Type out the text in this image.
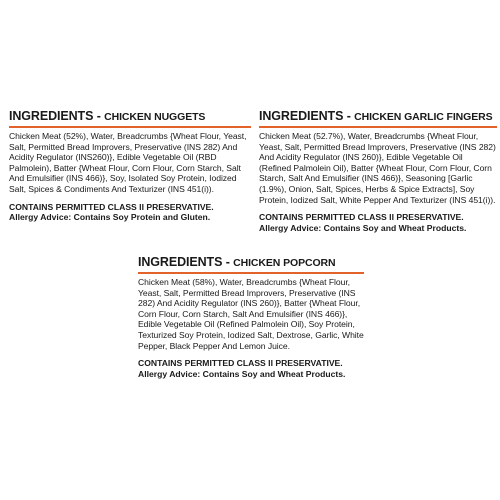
INGREDIENTS - CHICKEN NUGGETS
Chicken Meat (52%), Water, Breadcrumbs {Wheat Flour, Yeast, Salt, Permitted Bread Improvers, Preservative (INS 282) And Acidity Regulator (INS260)}, Edible Vegetable Oil (RBD Palmolein), Batter {Wheat Flour, Corn Flour, Corn Starch, Salt And Emulsifier (INS 466)}, Soy, Isolated Soy Protein, Iodized Salt, Spices & Condiments And Texturizer (INS 451(i)).
CONTAINS PERMITTED CLASS II PRESERVATIVE.
Allergy Advice: Contains Soy Protein and Gluten.
INGREDIENTS - CHICKEN GARLIC FINGERS
Chicken Meat (52.7%), Water, Breadcrumbs {Wheat Flour, Yeast, Salt, Permitted Bread Improvers, Preservative (INS 282) And Acidity Regulator (INS 260)}, Edible Vegetable Oil (Refined Palmolein Oil), Batter {Wheat Flour, Corn Flour, Corn Starch, Salt And Emulsifier (INS 466)}, Seasoning [Garlic (1.9%), Onion, Salt, Spices, Herbs & Spice Extracts], Soy Protein, Iodized Salt, White Pepper And Texturizer (INS 451(i)).
CONTAINS PERMITTED CLASS II PRESERVATIVE.
Allergy Advice: Contains Soy and Wheat Products.
INGREDIENTS - CHICKEN POPCORN
Chicken Meat (58%), Water, Breadcrumbs {Wheat Flour, Yeast, Salt, Permitted Bread Improvers, Preservative (INS 282) And Acidity Regulator (INS 260)}, Batter {Wheat Flour, Corn Flour, Corn Starch, Salt And Emulsifier (INS 466)}, Edible Vegetable Oil (Refined Palmolein Oil), Soy Protein, Texturized Soy Protein, Iodized Salt, Dextrose, Garlic, White Pepper, Black Pepper And Lemon Juice.
CONTAINS PERMITTED CLASS II PRESERVATIVE.
Allergy Advice: Contains Soy and Wheat Products.
